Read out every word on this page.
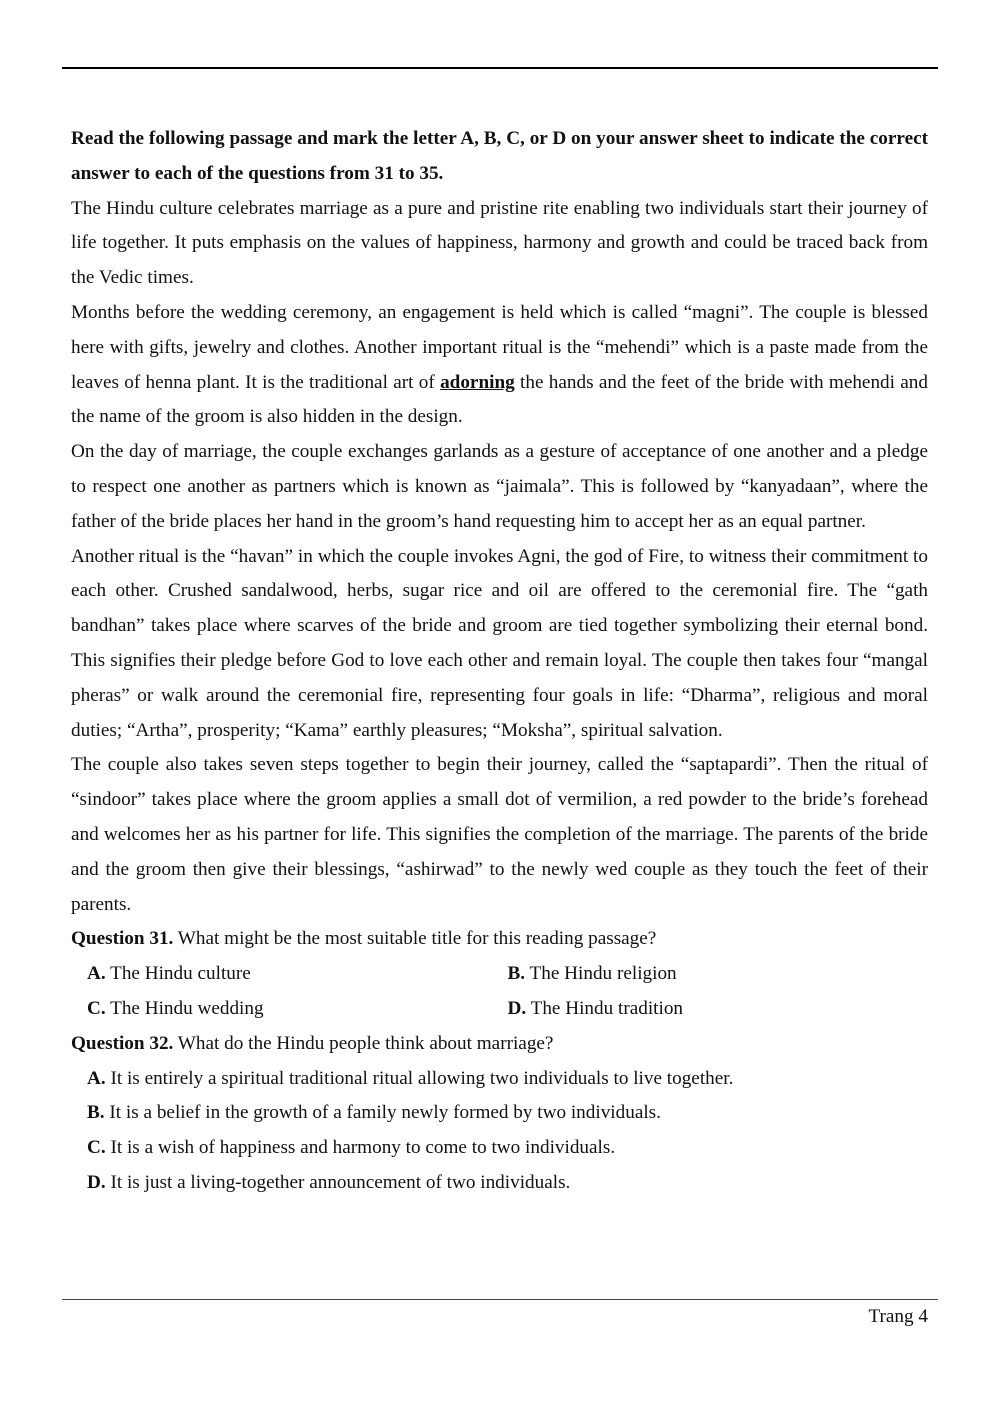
Read the following passage and mark the letter A, B, C, or D on your answer sheet to indicate the correct answer to each of the questions from 31 to 35.

The Hindu culture celebrates marriage as a pure and pristine rite enabling two individuals start their journey of life together. It puts emphasis on the values of happiness, harmony and growth and could be traced back from the Vedic times.

Months before the wedding ceremony, an engagement is held which is called “magni”. The couple is blessed here with gifts, jewelry and clothes. Another important ritual is the “mehendi” which is a paste made from the leaves of henna plant. It is the traditional art of adorning the hands and the feet of the bride with mehendi and the name of the groom is also hidden in the design.

On the day of marriage, the couple exchanges garlands as a gesture of acceptance of one another and a pledge to respect one another as partners which is known as “jaimala”. This is followed by “kanyadaan”, where the father of the bride places her hand in the groom’s hand requesting him to accept her as an equal partner.

Another ritual is the “havan” in which the couple invokes Agni, the god of Fire, to witness their commitment to each other. Crushed sandalwood, herbs, sugar rice and oil are offered to the ceremonial fire. The “gath bandhan” takes place where scarves of the bride and groom are tied together symbolizing their eternal bond. This signifies their pledge before God to love each other and remain loyal. The couple then takes four “mangal pheras” or walk around the ceremonial fire, representing four goals in life: “Dharma”, religious and moral duties; “Artha”, prosperity; “Kama” earthly pleasures; “Moksha”, spiritual salvation.

The couple also takes seven steps together to begin their journey, called the “saptapardi”. Then the ritual of “sindoor” takes place where the groom applies a small dot of vermilion, a red powder to the bride’s forehead and welcomes her as his partner for life. This signifies the completion of the marriage. The parents of the bride and the groom then give their blessings, “ashirwad” to the newly wed couple as they touch the feet of their parents.

Question 31. What might be the most suitable title for this reading passage?

A. The Hindu culture	B. The Hindu religion
C. The Hindu wedding	D. The Hindu tradition

Question 32. What do the Hindu people think about marriage?

A. It is entirely a spiritual traditional ritual allowing two individuals to live together.
B. It is a belief in the growth of a family newly formed by two individuals.
C. It is a wish of happiness and harmony to come to two individuals.
D. It is just a living-together announcement of two individuals.
Trang 4
